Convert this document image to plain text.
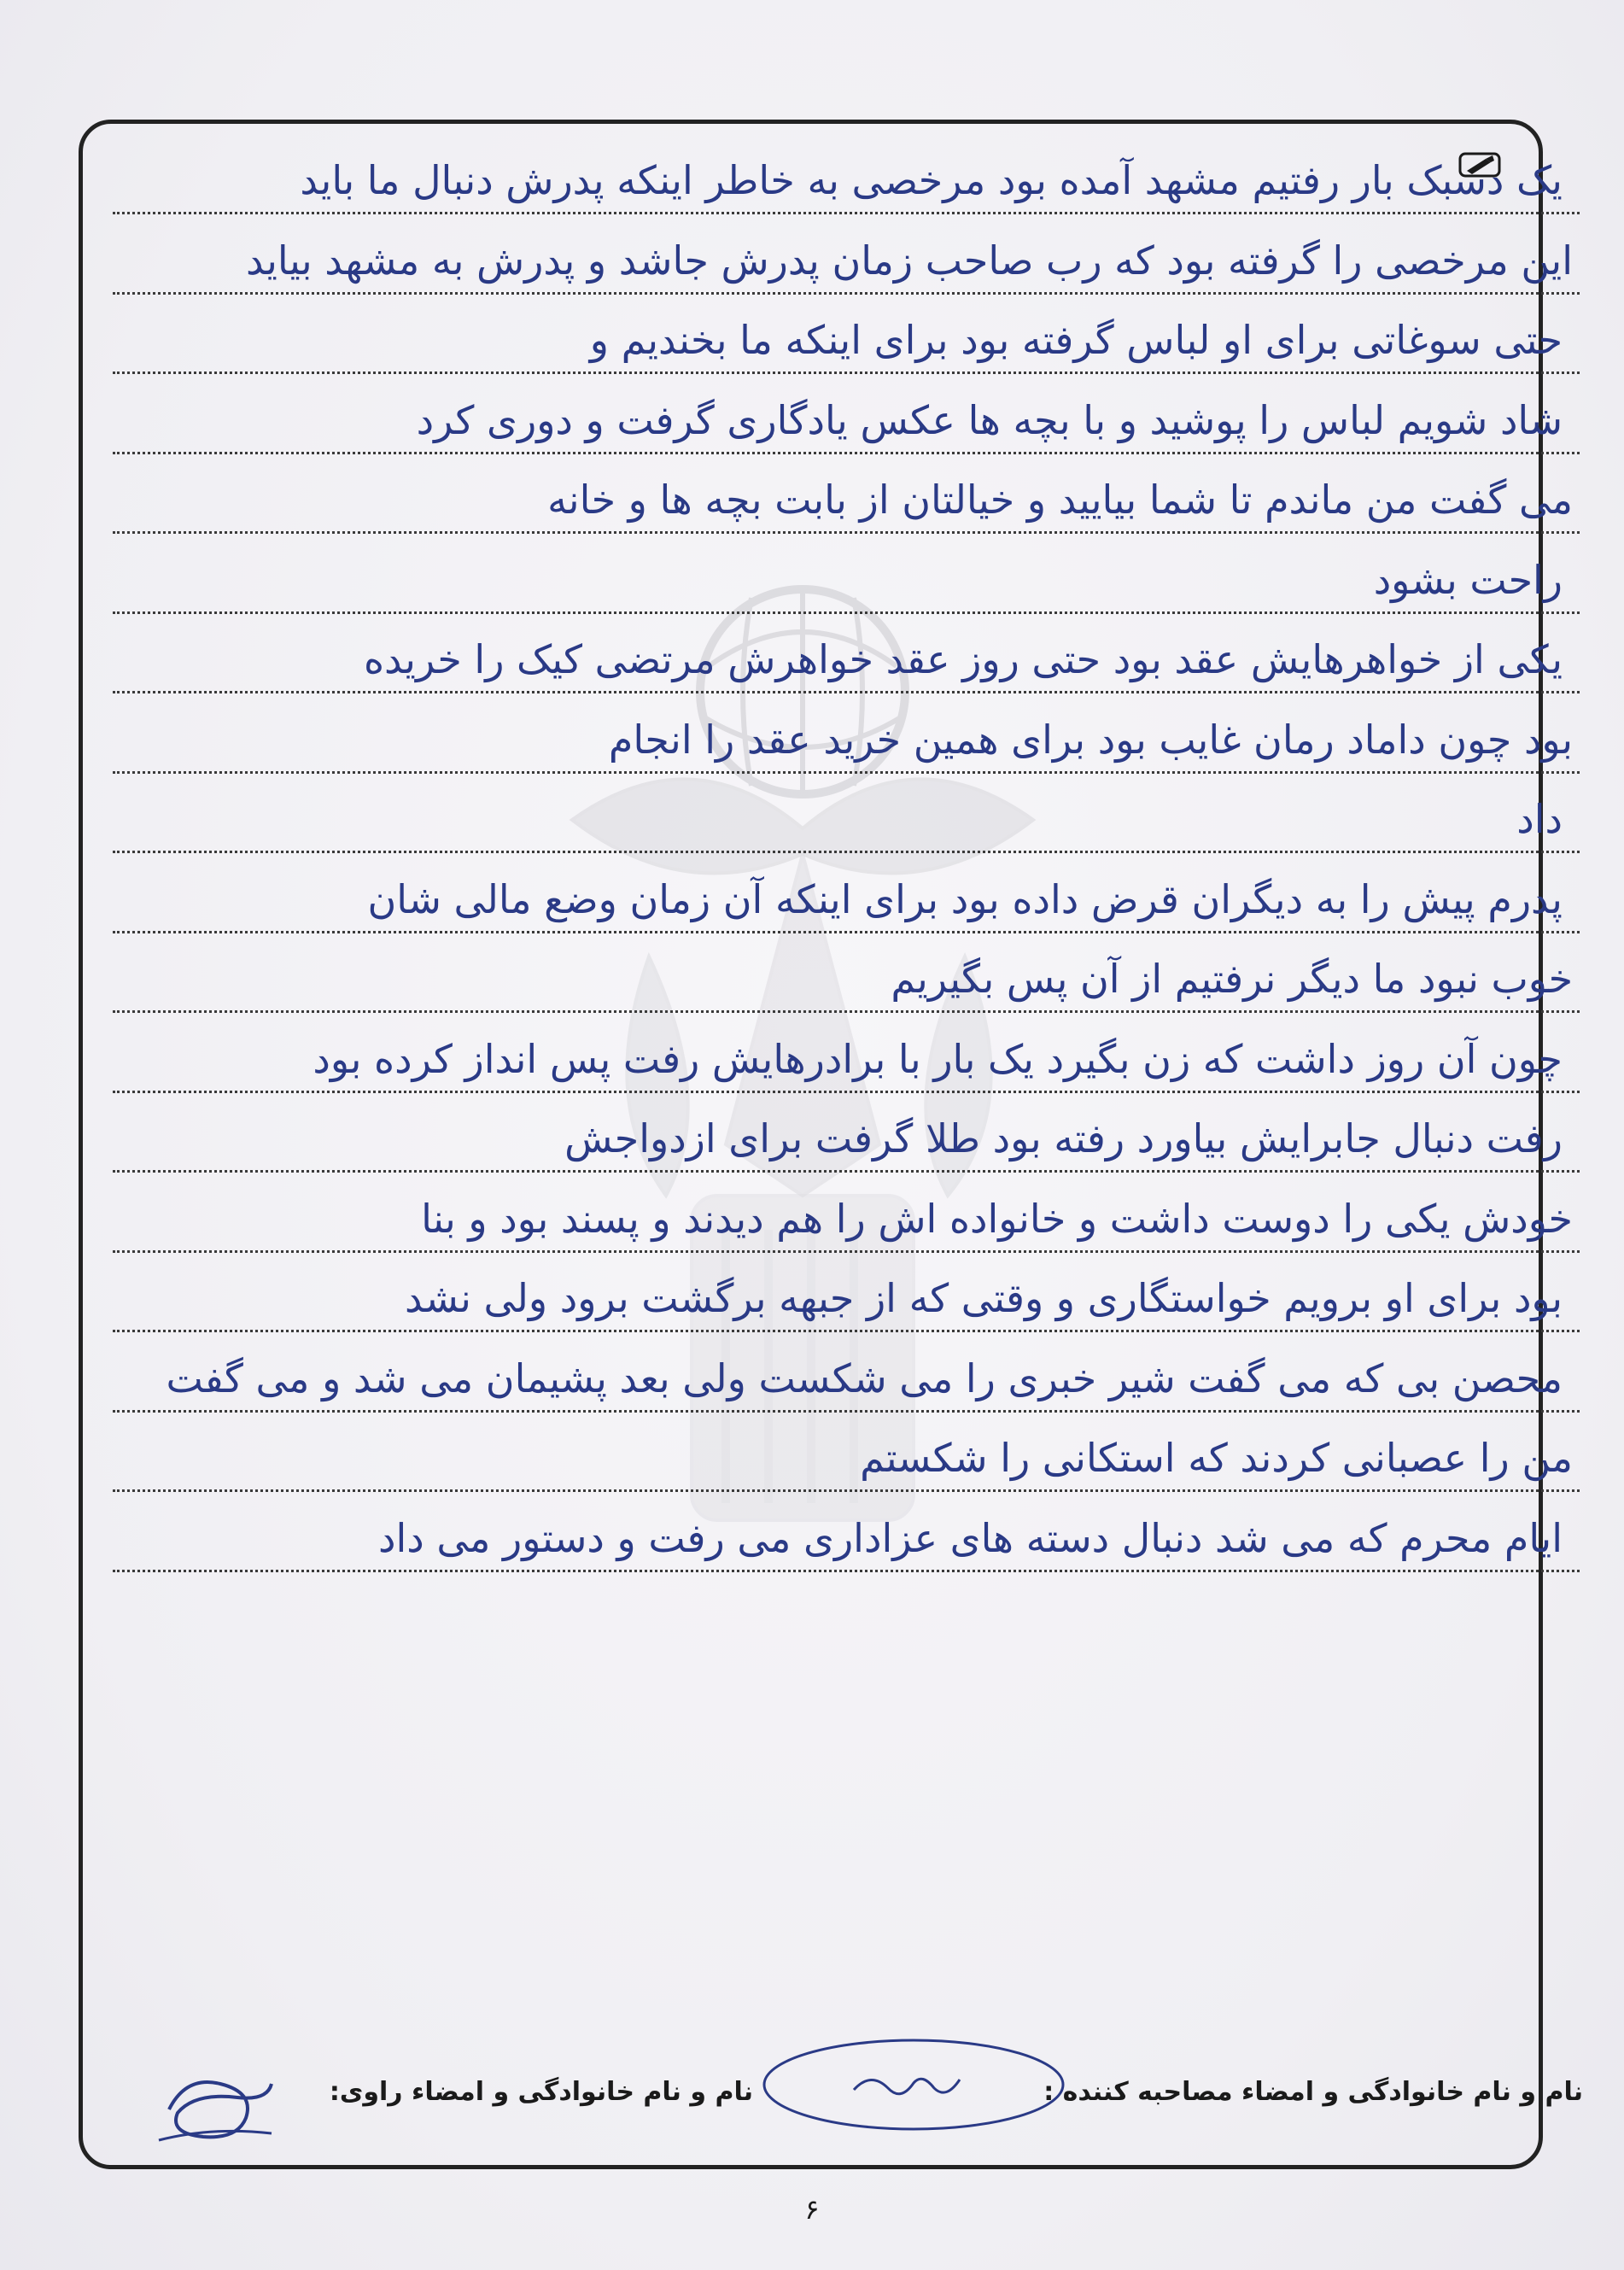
یک دسبک بار رفتیم مشهد آمده بود مرخصی به خاطر اینکه پدرش دنبال ما باید
این مرخصی را گرفته بود که رب صاحب زمان پدرش جاشد و پدرش به مشهد بیاید
حتی سوغاتی برای او لباس گرفته بود برای اینکه ما بخندیم و
شاد شویم لباس را پوشید و با بچه ها عکس یادگاری گرفت و دوری کرد
می گفت من ماندم تا شما بیایید و خیالتان از بابت بچه ها و خانه
راحت بشود
یکی از خواهرهایش عقد بود حتی روز عقد خواهرش مرتضی کیک را خریده
بود چون داماد رمان غایب بود برای همین خرید عقد را انجام
داد
پدرم پیش را به دیگران قرض داده بود برای اینکه آن زمان وضع مالی شان
خوب نبود ما دیگر نرفتیم از آن پس بگیریم
چون آن روز داشت که زن بگیرد یک بار با برادرهایش رفت پس انداز کرده بود
رفت دنبال جابرایش بیاورد رفته بود طلا گرفت برای ازدواجش
خودش یکی را دوست داشت و خانواده اش را هم دیدند و پسند بود و بنا
بود برای او برویم خواستگاری و وقتی که از جبهه برگشت برود ولی نشد
محصن بی که می گفت شیر خبری را می شکست ولی بعد پشیمان می شد و می گفت
من را عصبانی کردند که استکانی را شکستم
ایام محرم که می شد دنبال دسته های عزاداری می رفت و دستور می داد
نام و نام خانوادگی و امضاء مصاحبه کننده :
نام و نام خانوادگی و امضاء راوی:
۶
